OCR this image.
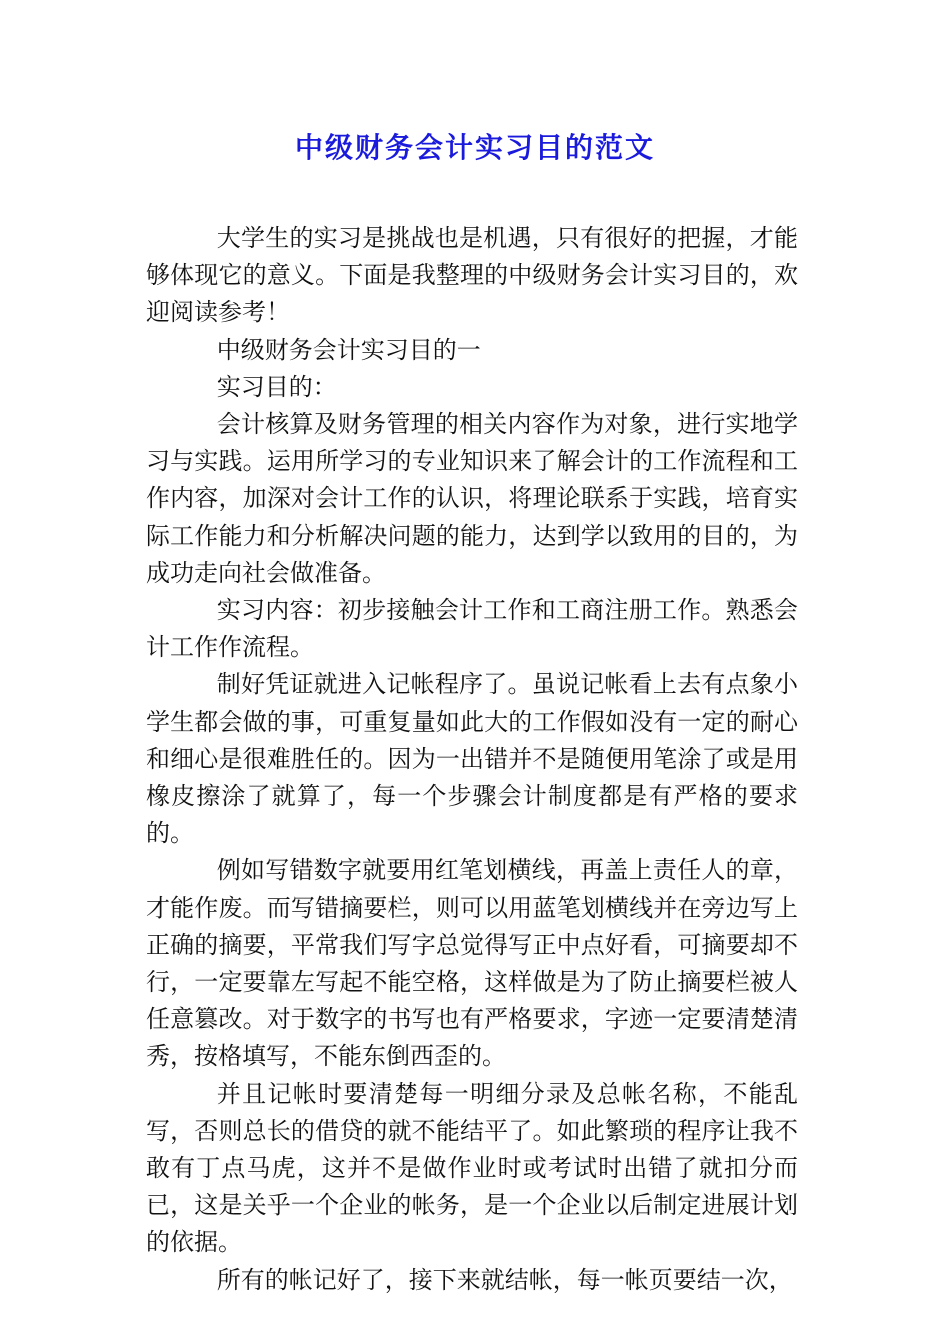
中级财务会计实习目的范文

大学生的实习是挑战也是机遇，只有很好的把握，才能够体现它的意义。下面是我整理的中级财务会计实习目的，欢迎阅读参考！

中级财务会计实习目的一

实习目的：

会计核算及财务管理的相关内容作为对象，进行实地学习与实践。运用所学习的专业知识来了解会计的工作流程和工作内容，加深对会计工作的认识，将理论联系于实践，培育实际工作能力和分析解决问题的能力，达到学以致用的目的，为成功走向社会做准备。

实习内容：初步接触会计工作和工商注册工作。熟悉会计工作作流程。

制好凭证就进入记帐程序了。虽说记帐看上去有点象小学生都会做的事，可重复量如此大的工作假如没有一定的耐心和细心是很难胜任的。因为一出错并不是随便用笔涂了或是用橡皮擦涂了就算了，每一个步骤会计制度都是有严格的要求的。

例如写错数字就要用红笔划横线，再盖上责任人的章，才能作废。而写错摘要栏，则可以用蓝笔划横线并在旁边写上正确的摘要，平常我们写字总觉得写正中点好看，可摘要却不行，一定要靠左写起不能空格，这样做是为了防止摘要栏被人任意篡改。对于数字的书写也有严格要求，字迹一定要清楚清秀，按格填写，不能东倒西歪的。

并且记帐时要清楚每一明细分录及总帐名称，不能乱写，否则总长的借贷的就不能结平了。如此繁琐的程序让我不敢有丁点马虎，这并不是做作业时或考试时出错了就扣分而已，这是关乎一个企业的帐务，是一个企业以后制定进展计划的依据。

所有的帐记好了，接下来就结帐，每一帐页要结一次，
